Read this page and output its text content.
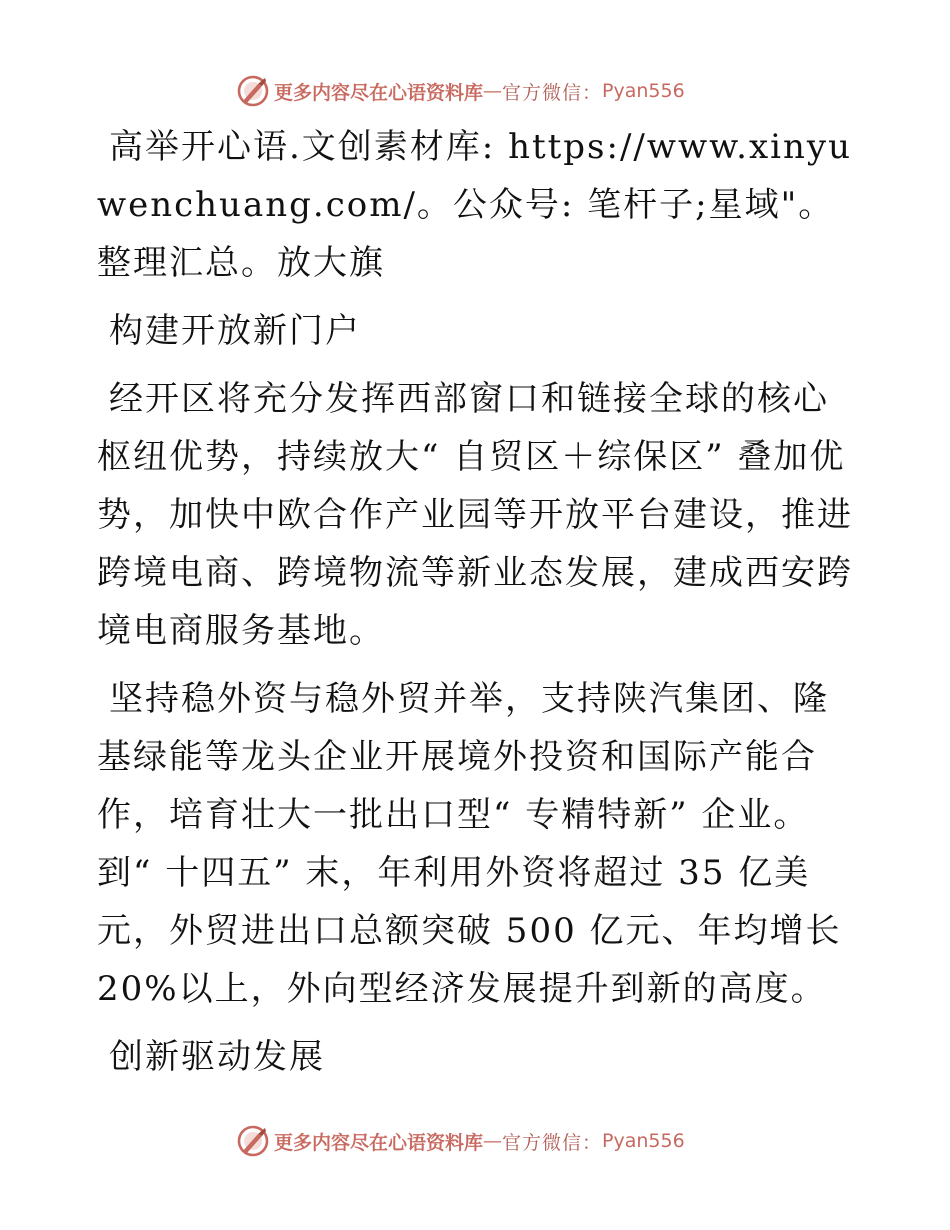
更多内容尽在心语资料库 — 官方微信： Pyan556

高举开心语.文创素材库: https://www.xinyuwenchuang.com/。公众号: 笔杆子;星域"。整理汇总。放大旗

构建开放新门户

经开区将充分发挥西部窗口和链接全球的核心枢纽优势，持续放大“ 自贸区＋综保区” 叠加优势，加快中欧合作产业园等开放平台建设，推进跨境电商、跨境物流等新业态发展，建成西安跨境电商服务基地。

坚持稳外资与稳外贸并举，支持陕汽集团、隆基绿能等龙头企业开展境外投资和国际产能合作，培育壮大一批出口型“ 专精特新” 企业。到“ 十四五” 末，年利用外资将超过 35 亿美元，外贸进出口总额突破 500 亿元、年均增长 20%以上，外向型经济发展提升到新的高度。

创新驱动发展

更多内容尽在心语资料库 — 官方微信： Pyan556
